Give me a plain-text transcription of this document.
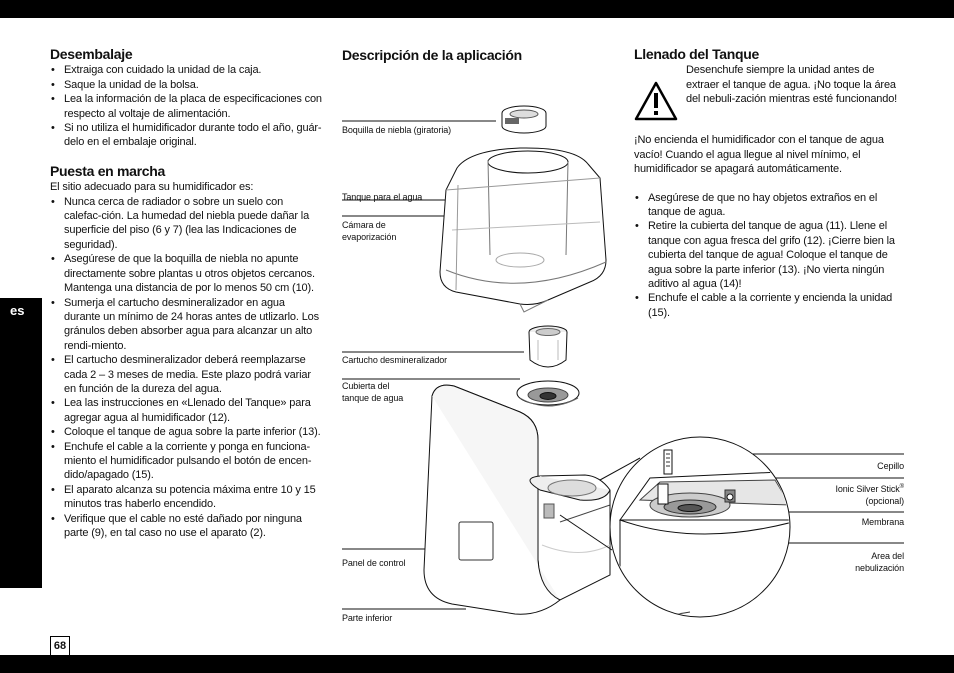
es
68
Desembalaje
• Extraiga con cuidado la unidad de la caja.
• Saque la unidad de la bolsa.
• Lea la información de la placa de especificaciones con respecto al voltaje de alimentación.
• Si no utiliza el humidificador durante todo el año, guár-delo en el embalaje original.
Puesta en marcha

El sitio adecuado para su humidificador es:

• Nunca cerca de radiador o sobre un suelo con calefac-ción. La humedad del niebla puede dañar la superficie del piso (6 y 7) (lea las Indicaciones de seguridad).
• Asegúrese de que la boquilla de niebla no apunte directamente sobre plantas u otros objetos cercanos. Mantenga una distancia de por lo menos 50 cm (10).
• Sumerja el cartucho desmineralizador en agua durante un mínimo de 24 horas antes de utlizarlo. Los gránulos deben absorber agua para alcanzar un alto rendi-miento.
• El cartucho desmineralizador deberá reemplazarse cada 2 – 3 meses de media. Este plazo podrá variar en función de la dureza del agua.
• Lea las instrucciones en «Llenado del Tanque» para agregar agua al humidificador (12).
• Coloque el tanque de agua sobre la parte inferior (13).
• Enchufe el cable a la corriente y ponga en funciona-miento el humidificador pulsando el botón de encen-dido/apagado (15).
• El aparato alcanza su potencia máxima entre 10 y 15 minutos tras haberlo encendido.
• Verifique que el cable no esté dañado por ninguna parte (9), en tal caso no use el aparato (2).
Descripción de la aplicación
Boquilla de niebla (giratoria)
Tanque para el agua
Cámara de
evaporización
Cartucho desmineralizador
Cubierta del
tanque de agua
Panel de control
Parte inferior
Cepillo
Ionic Silver Stick®
(opcional)
Membrana
Area del
nebulización
Llenado del Tanque
Desenchufe siempre la unidad antes de extraer el tanque de agua. ¡No toque la área del nebuli-zación mientras esté funcionando!

¡No encienda el humidificador con el tanque de agua vacío! Cuando el agua llegue al nivel mínimo, el humidificador se apagará automáticamente.

• Asegúrese de que no hay objetos extraños en el tanque de agua.
• Retire la cubierta del tanque de agua (11). Llene el tanque con agua fresca del grifo (12). ¡Cierre bien la cubierta del tanque de agua! Coloque el tanque de agua sobre la parte inferior (13). ¡No vierta ningún aditivo al agua (14)!
• Enchufe el cable a la corriente y encienda la unidad (15).
